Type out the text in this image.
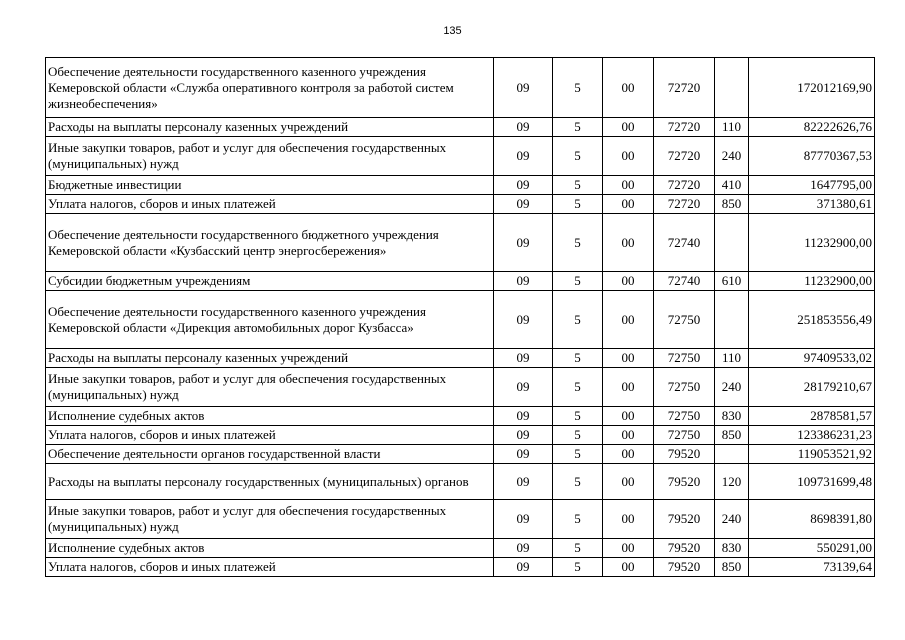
135
Обеспечение деятельности государственного казенного учреждения Кемеровской области «Служба оперативного контроля за работой систем жизнеобеспечения»	09	5	00	72720		172012169,90
Расходы на выплаты персоналу казенных учреждений	09	5	00	72720	110	82222626,76
Иные закупки товаров, работ и услуг для обеспечения государственных (муниципальных) нужд	09	5	00	72720	240	87770367,53
Бюджетные инвестиции	09	5	00	72720	410	1647795,00
Уплата налогов, сборов и иных платежей	09	5	00	72720	850	371380,61
Обеспечение деятельности государственного бюджетного учреждения Кемеровской области «Кузбасский центр энергосбережения»	09	5	00	72740		11232900,00
Субсидии бюджетным учреждениям	09	5	00	72740	610	11232900,00
Обеспечение деятельности государственного казенного учреждения Кемеровской области «Дирекция автомобильных дорог Кузбасса»	09	5	00	72750		251853556,49
Расходы на выплаты персоналу казенных учреждений	09	5	00	72750	110	97409533,02
Иные закупки товаров, работ и услуг для обеспечения государственных (муниципальных) нужд	09	5	00	72750	240	28179210,67
Исполнение судебных актов	09	5	00	72750	830	2878581,57
Уплата налогов, сборов и иных платежей	09	5	00	72750	850	123386231,23
Обеспечение деятельности органов государственной власти	09	5	00	79520		119053521,92
Расходы на выплаты персоналу государственных (муниципальных) органов	09	5	00	79520	120	109731699,48
Иные закупки товаров, работ и услуг для обеспечения государственных (муниципальных) нужд	09	5	00	79520	240	8698391,80
Исполнение судебных актов	09	5	00	79520	830	550291,00
Уплата налогов, сборов и иных платежей	09	5	00	79520	850	73139,64
